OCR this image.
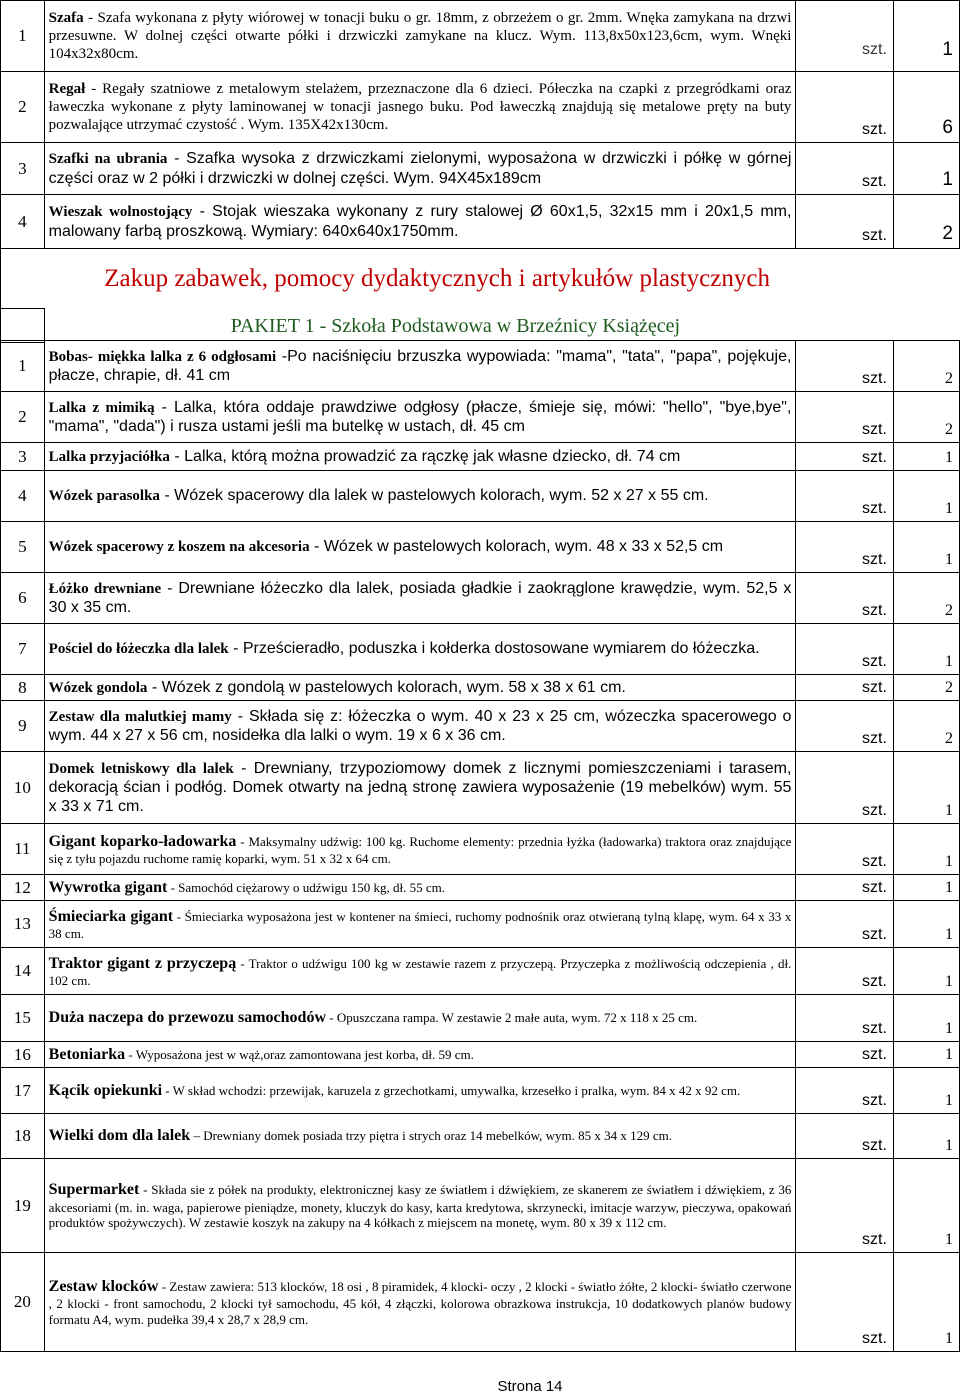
1	Szafa - Szafa wykonana z płyty wiórowej w tonacji buku o gr. 18mm, z obrzeżem o gr. 2mm. Wnęka zamykana na drzwi przesuwne. W dolnej części otwarte półki i drzwiczki zamykane na klucz. Wym. 113,8x50x123,6cm, wym. Wnęki 104x32x80cm.	szt.	1
2	Regał - Regały szatniowe z metalowym stelażem, przeznaczone dla 6 dzieci. Półeczka na czapki z przegródkami oraz ławeczka wykonane z płyty laminowanej w tonacji jasnego buku. Pod ławeczką znajdują się metalowe pręty na buty pozwalające utrzymać czystość . Wym. 135X42x130cm.	szt.	6
3	Szafki na ubrania - Szafka wysoka z drzwiczkami zielonymi, wyposażona w drzwiczki i półkę w górnej części oraz w 2 półki i drzwiczki w dolnej części. Wym. 94X45x189cm	szt.	1
4	Wieszak wolnostojący - Stojak wieszaka wykonany z rury stalowej Ø 60x1,5, 32x15 mm i 20x1,5 mm, malowany farbą proszkową. Wymiary: 640x640x1750mm.	szt.	2
	Zakup zabawek, pomocy dydaktycznych i artykułów plastycznych
	PAKIET 1 - Szkoła Podstawowa w Brzeźnicy Książęcej
1	Bobas- miękka lalka z 6 odgłosami -Po naciśnięciu brzuszka wypowiada: "mama", "tata", "papa", pojękuje, płacze, chrapie, dł. 41 cm	szt.	2
2	Lalka z mimiką - Lalka, która oddaje prawdziwe odgłosy (płacze, śmieje się, mówi: "hello", "bye,bye", "mama", "dada") i rusza ustami jeśli ma butelkę w ustach, dł. 45 cm	szt.	2
3	Lalka przyjaciółka - Lalka, którą można prowadzić za rączkę jak własne dziecko, dł. 74 cm	szt.	1
4	Wózek parasolka - Wózek spacerowy dla lalek w pastelowych kolorach, wym. 52 x 27 x 55 cm.	szt.	1
5	Wózek spacerowy z koszem na akcesoria - Wózek w pastelowych kolorach, wym. 48 x 33 x 52,5 cm	szt.	1
6	Łóżko drewniane - Drewniane łóżeczko dla lalek, posiada gładkie i zaokrąglone krawędzie, wym. 52,5 x 30 x 35 cm.	szt.	2
7	Pościel do łóżeczka dla lalek - Prześcieradło, poduszka i kołderka dostosowane wymiarem do łóżeczka.	szt.	1
8	Wózek gondola - Wózek z gondolą w pastelowych kolorach, wym. 58 x 38 x 61 cm.	szt.	2
9	Zestaw dla malutkiej mamy - Składa się z: łóżeczka o wym. 40 x 23 x 25 cm, wózeczka spacerowego o wym. 44 x 27 x 56 cm, nosidełka dla lalki o wym. 19 x 6 x 36 cm.	szt.	2
10	Domek letniskowy dla lalek - Drewniany, trzypoziomowy domek z licznymi pomieszczeniami i tarasem, dekoracją ścian i podłóg. Domek otwarty na jedną stronę zawiera wyposażenie (19 mebelków) wym. 55 x 33 x 71 cm.	szt.	1
11	Gigant koparko-ładowarka - Maksymalny udźwig: 100 kg. Ruchome elementy: przednia łyżka (ładowarka) traktora oraz znajdujące się z tyłu pojazdu ruchome ramię koparki, wym. 51 x 32 x 64 cm.	szt.	1
12	Wywrotka gigant - Samochód ciężarowy o udźwigu 150 kg, dł. 55 cm.	szt.	1
13	Śmieciarka gigant - Śmieciarka wyposażona jest w kontener na śmieci, ruchomy podnośnik oraz otwieraną tylną klapę, wym. 64 x 33 x 38 cm.	szt.	1
14	Traktor gigant z przyczepą - Traktor o udźwigu 100 kg w zestawie razem z przyczepą. Przyczepka z możliwością odczepienia , dł. 102 cm.	szt.	1
15	Duża naczepa do przewozu samochodów - Opuszczana rampa. W zestawie 2 małe auta, wym. 72 x 118 x 25 cm.	szt.	1
16	Betoniarka - Wyposażona jest w wąż,oraz zamontowana jest korba, dł. 59 cm.	szt.	1
17	Kącik opiekunki - W skład wchodzi: przewijak, karuzela z grzechotkami, umywalka, krzesełko i pralka, wym. 84 x 42 x 92 cm.	szt.	1
18	Wielki dom dla lalek – Drewniany domek posiada trzy piętra i strych oraz 14 mebelków, wym. 85 x 34 x 129 cm.	szt.	1
19	Supermarket - Składa sie z półek na produkty, elektronicznej kasy ze światłem i dźwiękiem, ze skanerem ze światłem i dźwiękiem, z 36 akcesoriami (m. in. waga, papierowe pieniądze, monety, kluczyk do kasy, karta kredytowa, skrzynecki, imitacje warzyw, pieczywa, opakowań produktów spożywczych). W zestawie koszyk na zakupy na 4 kółkach z miejscem na monetę, wym. 80 x 39 x 112 cm.	szt.	1
20	Zestaw klocków - Zestaw zawiera: 513 klocków, 18 osi , 8 piramidek, 4 klocki- oczy , 2 klocki - światło żółte, 2 klocki- światło czerwone , 2 klocki - front samochodu, 2 klocki tył samochodu, 45 kół, 4 złączki, kolorowa obrazkowa instrukcja, 10 dodatkowych planów budowy formatu A4, wym. pudełka 39,4 x 28,7 x 28,9 cm.	szt.	1
Strona 14
